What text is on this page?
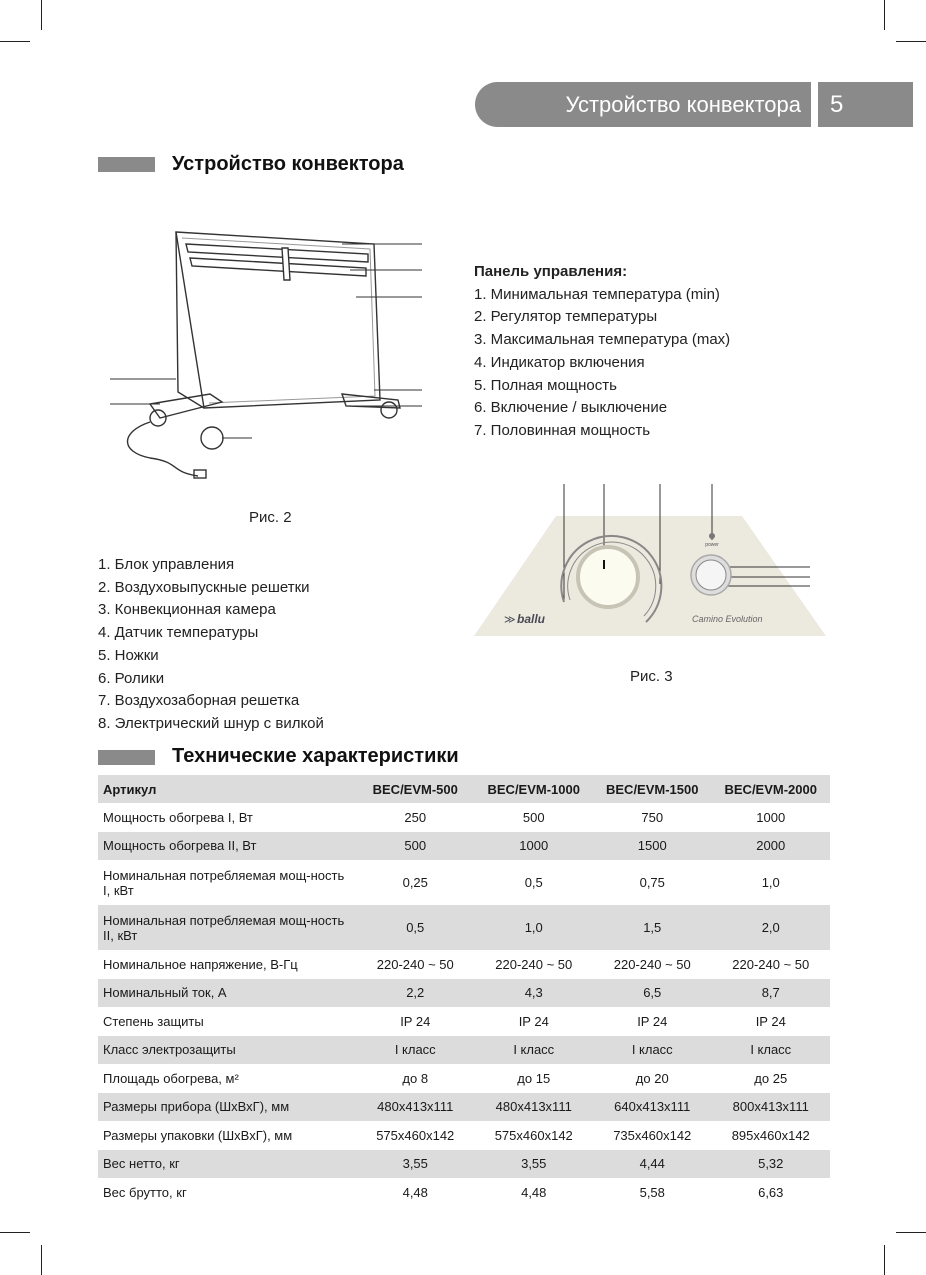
Устройство конвектора	5
Устройство конвектора
Рис. 2
Панель управления:
1. Минимальная температура (min)
2. Регулятор температуры
3. Максимальная температура (max)
4. Индикатор включения
5. Полная мощность
6. Включение / выключение
7. Половинная мощность
power
ballu
≫	Camino Evolution
Рис. 3
1. Блок управления
2. Воздуховыпускные решетки
3. Конвекционная камера
4. Датчик температуры
5. Ножки
6. Ролики
7. Воздухозаборная решетка
8. Электрический шнур с вилкой
Технические характеристики
Артикул	BEC/EVM-500	BEC/EVM-1000	BEC/EVM-1500	BEC/EVM-2000
Мощность обогрева I, Вт	250	500	750	1000
Мощность обогрева II, Вт	500	1000	1500	2000
Номинальная потребляемая мощ-ность I, кВт	0,25	0,5	0,75	1,0
Номинальная потребляемая мощ-ность II, кВт	0,5	1,0	1,5	2,0
Номинальное напряжение, В-Гц	220-240 ~ 50	220-240 ~ 50	220-240 ~ 50	220-240 ~ 50
Номинальный ток, А	2,2	4,3	6,5	8,7
Степень защиты	IP 24	IP 24	IP 24	IP 24
Класс электрозащиты	I класс	I класс	I класс	I класс
Площадь обогрева, м²	до 8	до 15	до 20	до 25
Размеры прибора (ШхВхГ), мм	480x413x111	480x413x111	640x413x111	800x413x111
Размеры упаковки (ШхВхГ), мм	575x460x142	575x460x142	735x460x142	895x460x142
Вес нетто, кг	3,55	3,55	4,44	5,32
Вес брутто, кг	4,48	4,48	5,58	6,63
